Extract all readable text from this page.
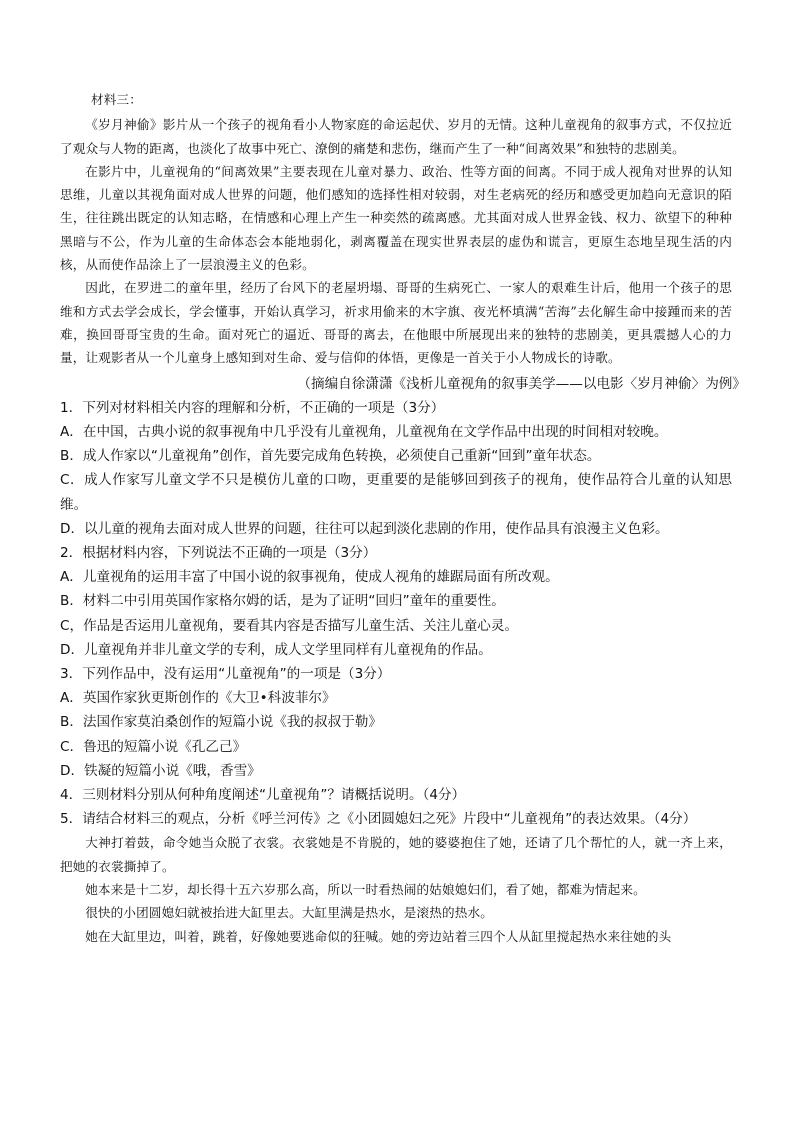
材料三：

《岁月神偷》影片从一个孩子的视角看小人物家庭的命运起伏、岁月的无情。这种儿童视角的叙事方式，不仅拉近了观众与人物的距离，也淡化了故事中死亡、潦倒的痛楚和悲伤，继而产生了一种“间离效果”和独特的悲剧美。

在影片中，儿童视角的“间离效果”主要表现在儿童对暴力、政治、性等方面的间离。不同于成人视角对世界的认知思维，儿童以其视角面对成人世界的问题，他们感知的选择性相对较弱，对生老病死的经历和感受更加趋向无意识的陌生，往往跳出既定的认知志略，在情感和心理上产生一种奕然的疏离感。尤其面对成人世界金钱、权力、欲望下的种种黑暗与不公，作为儿童的生命体态会本能地弱化，剥离覆盖在现实世界表层的虚伪和谎言，更原生态地呈现生活的内核，从而使作品涂上了一层浪漫主义的色彩。

因此，在罗进二的童年里，经历了台风下的老屋坍塌、哥哥的生病死亡、一家人的艰难生计后，他用一个孩子的思维和方式去学会成长，学会懂事，开始认真学习，祈求用偷来的木字旗、夜光杯填满“苦海”去化解生命中接踵而来的苦难，换回哥哥宝贵的生命。面对死亡的逼近、哥哥的离去，在他眼中所展现出来的独特的悲剧美，更具震撼人心的力量，让观影者从一个儿童身上感知到对生命、爱与信仰的体悟，更像是一首关于小人物成长的诗歌。

（摘编自徐潇潇《浅析儿童视角的叙事美学——以电影〈岁月神偷〉为例》

1．下列对材料相关内容的理解和分析，不正确的一项是（3分）

A．在中国，古典小说的叙事视角中几乎没有儿童视角，儿童视角在文学作品中出现的时间相对较晚。

B．成人作家以“儿童视角”创作，首先要完成角色转换，必须使自己重新“回到”童年状态。

C．成人作家写儿童文学不只是模仿儿童的口吻，更重要的是能够回到孩子的视角，使作品符合儿童的认知思维。

D．以儿童的视角去面对成人世界的问题，往往可以起到淡化悲剧的作用，使作品具有浪漫主义色彩。

2．根据材料内容，下列说法不正确的一项是（3分）

A．儿童视角的运用丰富了中国小说的叙事视角，使成人视角的雄踞局面有所改观。

B．材料二中引用英国作家格尔姆的话，是为了证明“回归”童年的重要性。

C，作品是否运用儿童视角，要看其内容是否描写儿童生活、关注儿童心灵。

D．儿童视角并非儿童文学的专利，成人文学里同样有儿童视角的作品。

3．下列作品中，没有运用“儿童视角”的一项是（3分）

A．英国作家狄更斯创作的《大卫•科波菲尔》

B．法国作家莫泊桑创作的短篇小说《我的叔叔于勒》

C．鲁迅的短篇小说《孔乙己》

D．铁凝的短篇小说《哦，香雪》

4．三则材料分别从何种角度阐述“儿童视角”？请概括说明。（4分）

5．请结合材料三的观点，分析《呼兰河传》之《小团圆媳妇之死》片段中“儿童视角”的表达效果。（4分）

大神打着鼓，命令她当众脱了衣裳。衣裳她是不肯脱的，她的婆婆抱住了她，还请了几个帮忙的人，就一齐上来，把她的衣裳撕掉了。

她本来是十二岁，却长得十五六岁那么高，所以一时看热闹的姑娘媳妇们，看了她，都难为情起来。

很快的小团圆媳妇就被抬进大缸里去。大缸里满是热水，是滚热的热水。

她在大缸里边，叫着，跳着，好像她要逃命似的狂喊。她的旁边站着三四个人从缸里搅起热水来往她的头
